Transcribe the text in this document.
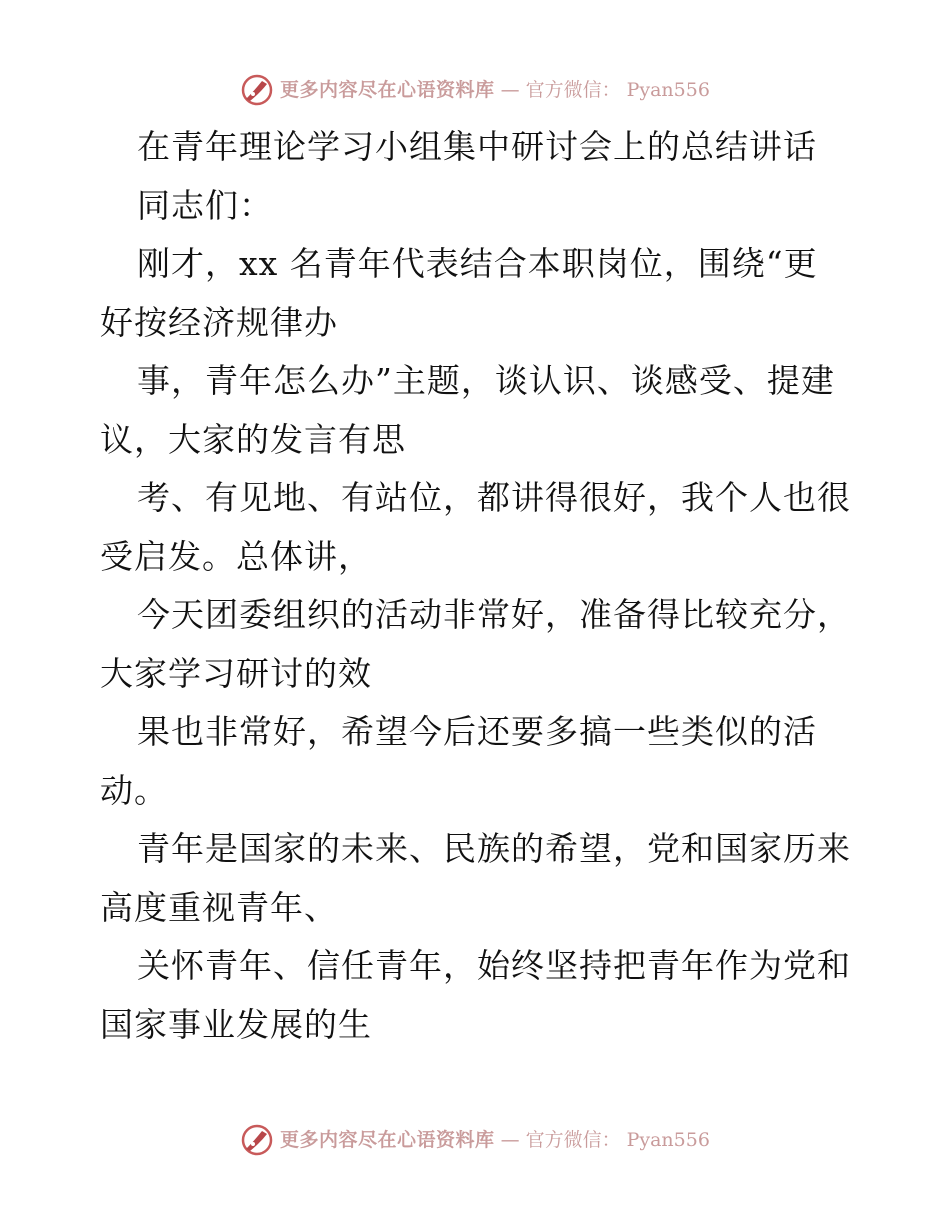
更多内容尽在心语资料库 — 官方微信： Pyan556
在青年理论学习小组集中研讨会上的总结讲话
同志们：
刚才，xx 名青年代表结合本职岗位，围绕“更
好按经济规律办
事，青年怎么办”主题，谈认识、谈感受、提建
议，大家的发言有思
考、有见地、有站位，都讲得很好，我个人也很
受启发。总体讲，
今天团委组织的活动非常好，准备得比较充分，
大家学习研讨的效
果也非常好，希望今后还要多搞一些类似的活
动。
青年是国家的未来、民族的希望，党和国家历来
高度重视青年、
关怀青年、信任青年，始终坚持把青年作为党和
国家事业发展的生
更多内容尽在心语资料库 — 官方微信： Pyan556
